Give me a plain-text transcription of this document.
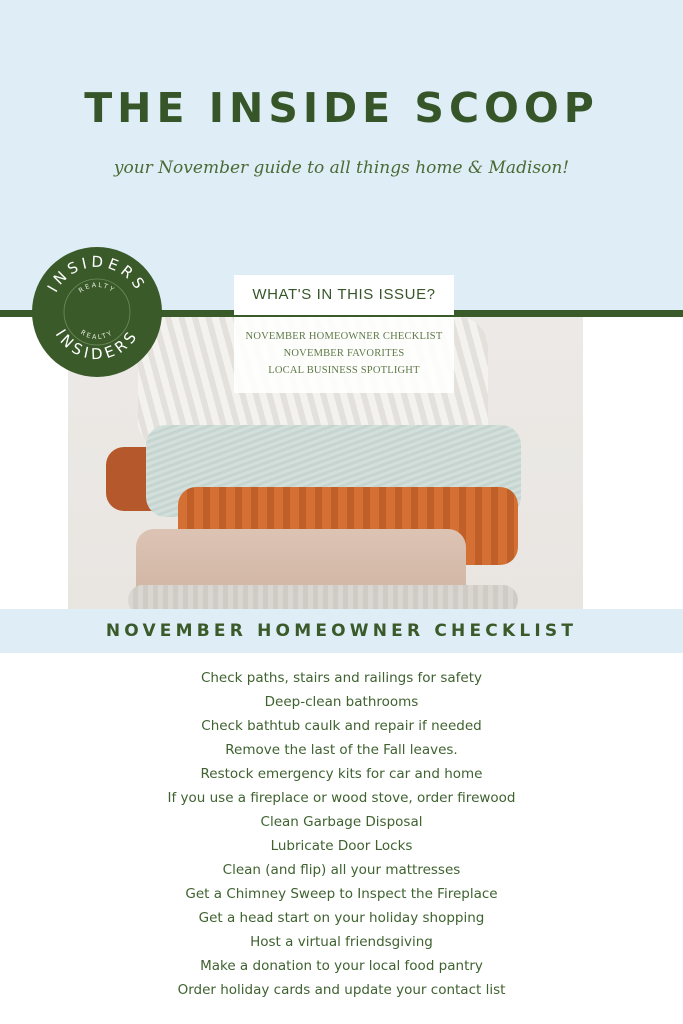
THE INSIDE SCOOP
your November guide to all things home & Madison!
WHAT'S IN THIS ISSUE?
NOVEMBER HOMEOWNER CHECKLIST
NOVEMBER FAVORITES
LOCAL BUSINESS SPOTLIGHT
INSIDERS
INSIDERS
REALTY
REALTY
NOVEMBER HOMEOWNER CHECKLIST
Check paths, stairs and railings for safety
Deep-clean bathrooms
Check bathtub caulk and repair if needed
Remove the last of the Fall leaves.
Restock emergency kits for car and home
If you use a fireplace or wood stove, order firewood
Clean Garbage Disposal
Lubricate Door Locks
Clean (and flip) all your mattresses
Get a Chimney Sweep to Inspect the Fireplace
Get a head start on your holiday shopping
Host a virtual friendsgiving
Make a donation to your local food pantry
Order holiday cards and update your contact list
